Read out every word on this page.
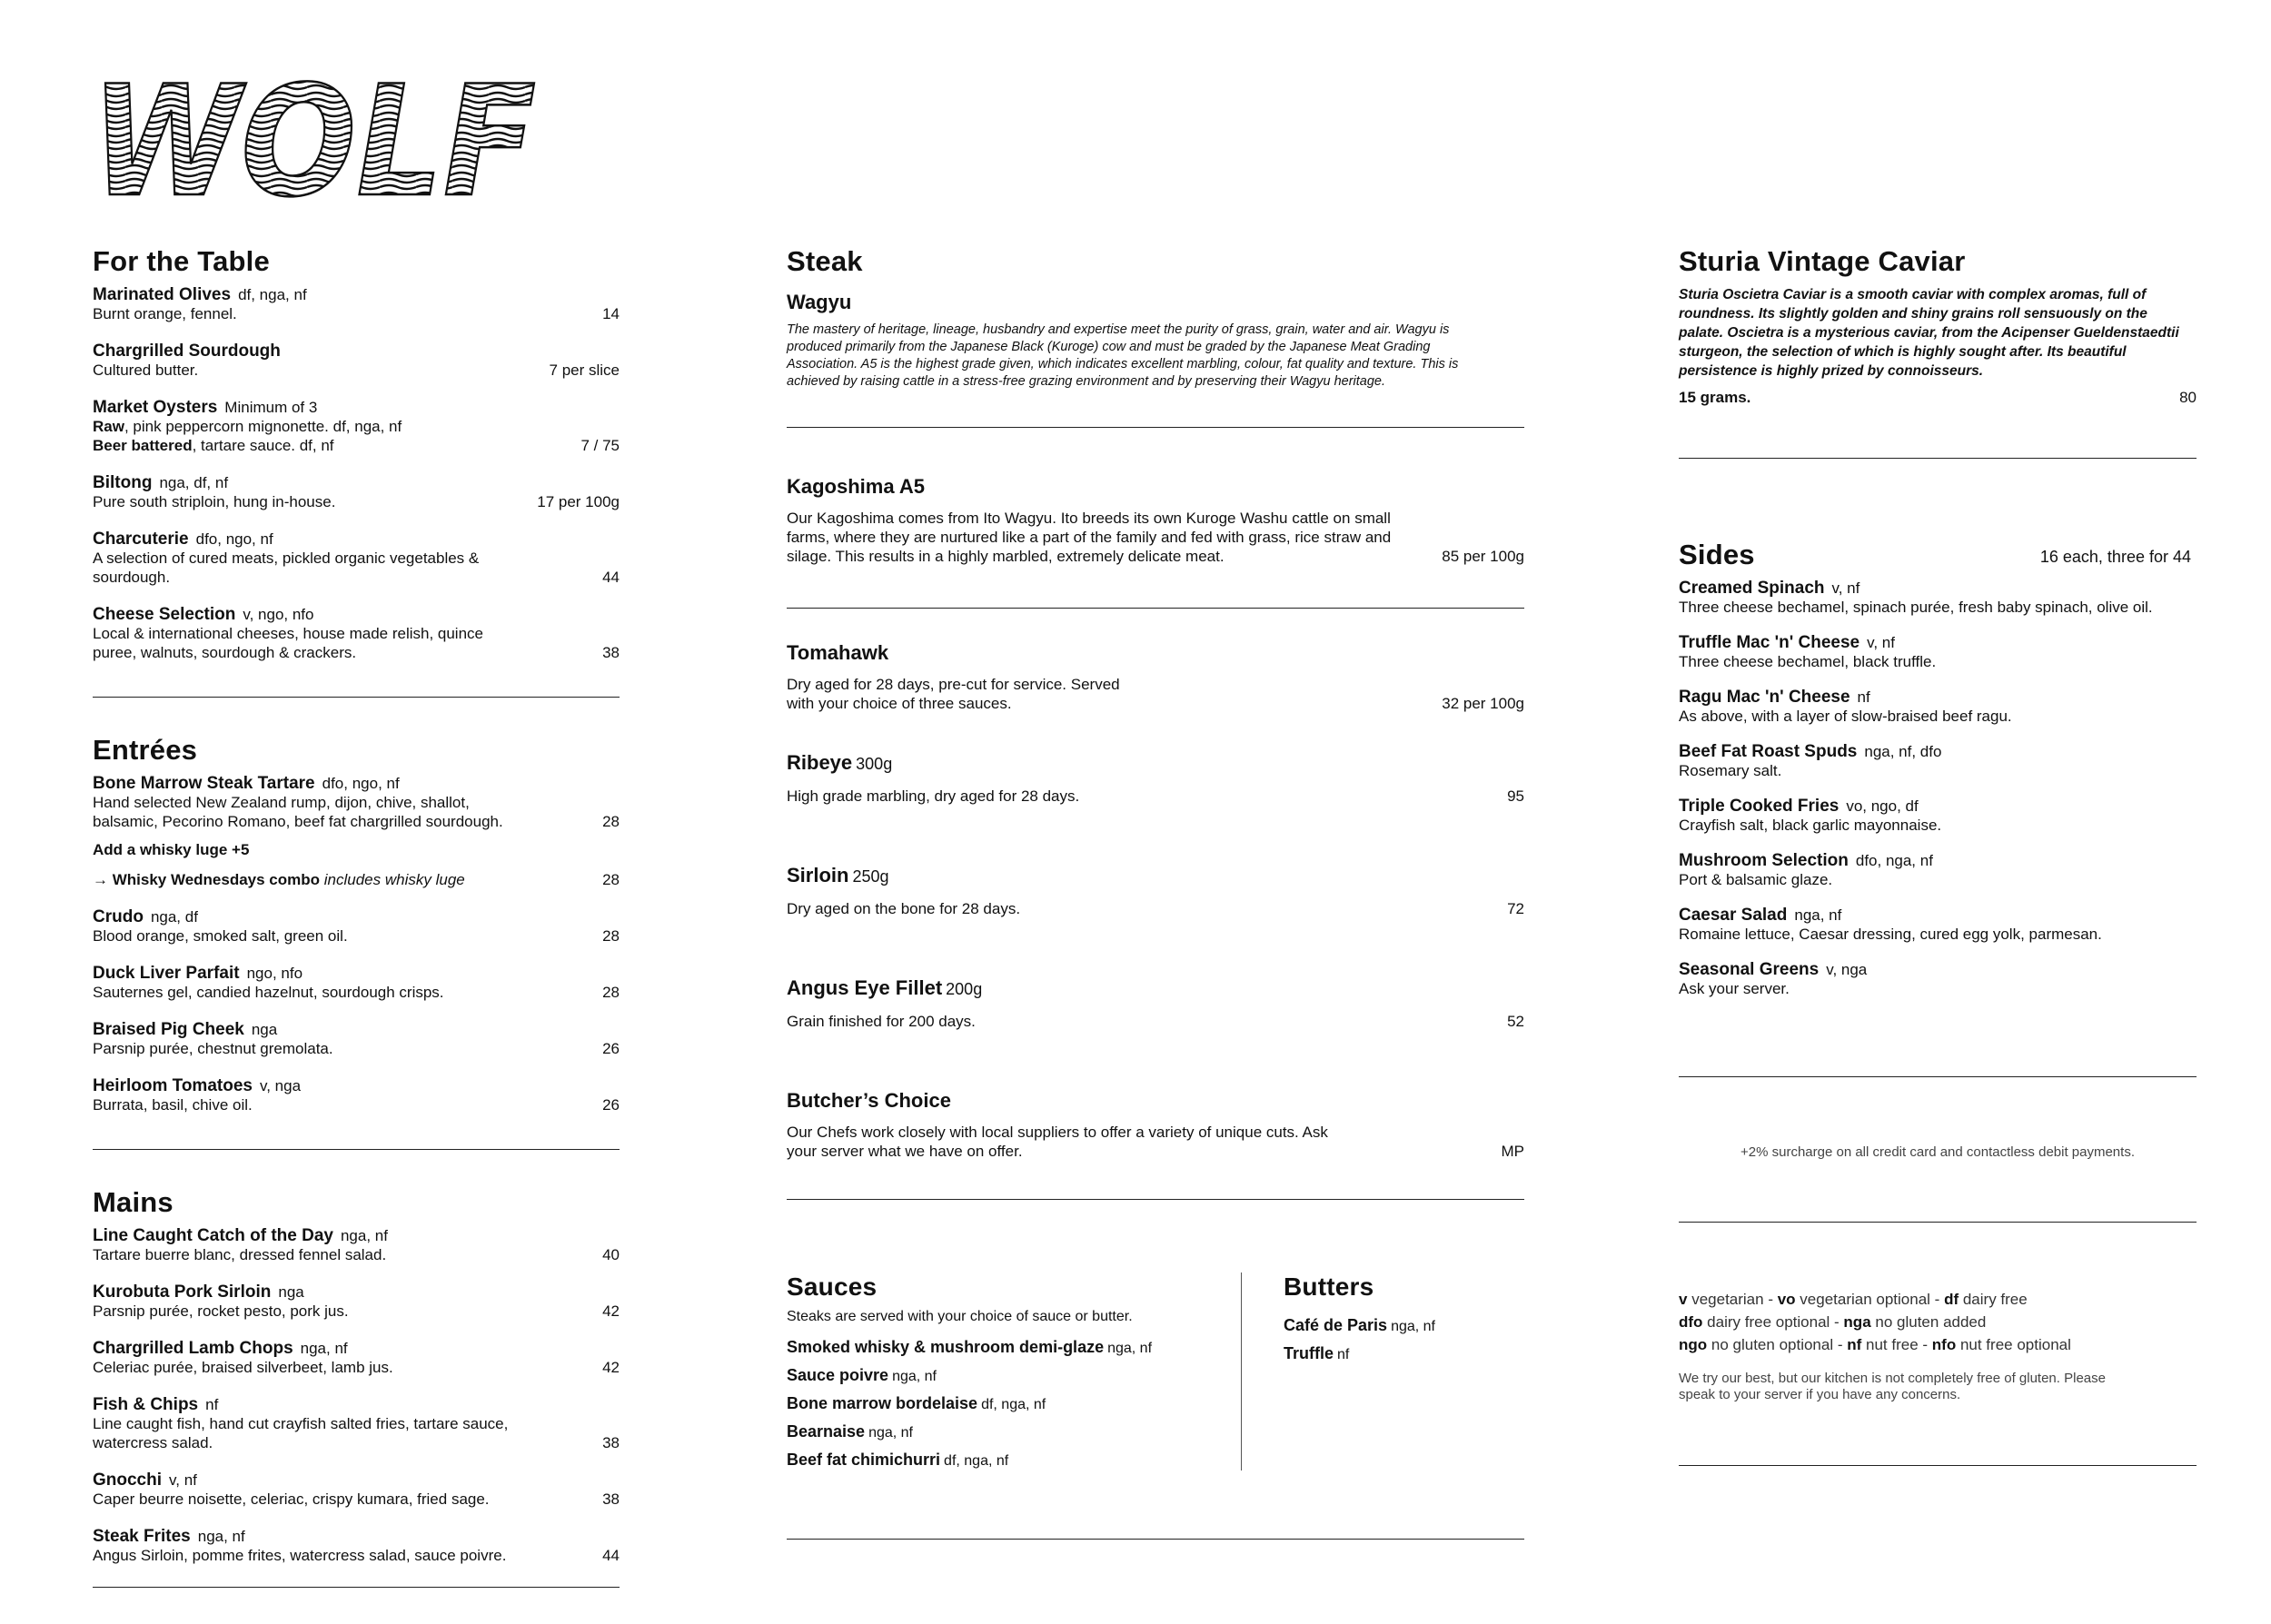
WOLF
For the Table
Marinated Olives df, nga, nf
Burnt orange, fennel.	14
Chargrilled Sourdough
Cultured butter.	7 per slice
Market Oysters Minimum of 3
Raw, pink peppercorn mignonette. df, nga, nf
Beer battered, tartare sauce. df, nf	7 / 75
Biltong nga, df, nf
Pure south striploin, hung in-house.	17 per 100g
Charcuterie dfo, ngo, nf
A selection of cured meats, pickled organic vegetables & sourdough.	44
Cheese Selection v, ngo, nfo
Local & international cheeses, house made relish, quince puree, walnuts, sourdough & crackers.	38
Entrées
Bone Marrow Steak Tartare dfo, ngo, nf
Hand selected New Zealand rump, dijon, chive, shallot, balsamic, Pecorino Romano, beef fat chargrilled sourdough.	28
Add a whisky luge +5
→ Whisky Wednesdays combo includes whisky luge	28
Crudo nga, df
Blood orange, smoked salt, green oil.	28
Duck Liver Parfait ngo, nfo
Sauternes gel, candied hazelnut, sourdough crisps.	28
Braised Pig Cheek nga
Parsnip purée, chestnut gremolata.	26
Heirloom Tomatoes v, nga
Burrata, basil, chive oil.	26
Mains
Line Caught Catch of the Day nga, nf
Tartare buerre blanc, dressed fennel salad.	40
Kurobuta Pork Sirloin nga
Parsnip purée, rocket pesto, pork jus.	42
Chargrilled Lamb Chops nga, nf
Celeriac purée, braised silverbeet, lamb jus.	42
Fish & Chips nf
Line caught fish, hand cut crayfish salted fries, tartare sauce, watercress salad.	38
Gnocchi v, nf
Caper beurre noisette, celeriac, crispy kumara, fried sage.	38
Steak Frites nga, nf
Angus Sirloin, pomme frites, watercress salad, sauce poivre.	44
Steak
Wagyu
The mastery of heritage, lineage, husbandry and expertise meet the purity of grass, grain, water and air. Wagyu is produced primarily from the Japanese Black (Kuroge) cow and must be graded by the Japanese Meat Grading Association. A5 is the highest grade given, which indicates excellent marbling, colour, fat quality and texture. This is achieved by raising cattle in a stress-free grazing environment and by preserving their Wagyu heritage.
Kagoshima A5
Our Kagoshima comes from Ito Wagyu. Ito breeds its own Kuroge Washu cattle on small farms, where they are nurtured like a part of the family and fed with grass, rice straw and silage. This results in a highly marbled, extremely delicate meat.	85 per 100g
Tomahawk
Dry aged for 28 days, pre-cut for service. Served with your choice of three sauces.	32 per 100g
Ribeye 300g
High grade marbling, dry aged for 28 days.	95
Sirloin 250g
Dry aged on the bone for 28 days.	72
Angus Eye Fillet 200g
Grain finished for 200 days.	52
Butcher’s Choice
Our Chefs work closely with local suppliers to offer a variety of unique cuts. Ask your server what we have on offer.	MP
Sauces
Steaks are served with your choice of sauce or butter.
Smoked whisky & mushroom demi-glaze nga, nf
Sauce poivre nga, nf
Bone marrow bordelaise df, nga, nf
Bearnaise nga, nf
Beef fat chimichurri df, nga, nf
Butters
Café de Paris nga, nf
Truffle nf
Sturia Vintage Caviar
Sturia Oscietra Caviar is a smooth caviar with complex aromas, full of roundness. Its slightly golden and shiny grains roll sensuously on the palate. Oscietra is a mysterious caviar, from the Acipenser Gueldenstaedtii sturgeon, the selection of which is highly sought after. Its beautiful persistence is highly prized by connoisseurs.
15 grams.	80
Sides	16 each, three for 44
Creamed Spinach v, nf
Three cheese bechamel, spinach purée, fresh baby spinach, olive oil.
Truffle Mac 'n' Cheese v, nf
Three cheese bechamel, black truffle.
Ragu Mac 'n' Cheese nf
As above, with a layer of slow-braised beef ragu.
Beef Fat Roast Spuds nga, nf, dfo
Rosemary salt.
Triple Cooked Fries vo, ngo, df
Crayfish salt, black garlic mayonnaise.
Mushroom Selection dfo, nga, nf
Port & balsamic glaze.
Caesar Salad nga, nf
Romaine lettuce, Caesar dressing, cured egg yolk, parmesan.
Seasonal Greens v, nga
Ask your server.
+2% surcharge on all credit card and contactless debit payments.
v vegetarian - vo vegetarian optional - df dairy free
dfo dairy free optional - nga no gluten added
ngo no gluten optional - nf nut free - nfo nut free optional
We try our best, but our kitchen is not completely free of gluten. Please speak to your server if you have any concerns.
